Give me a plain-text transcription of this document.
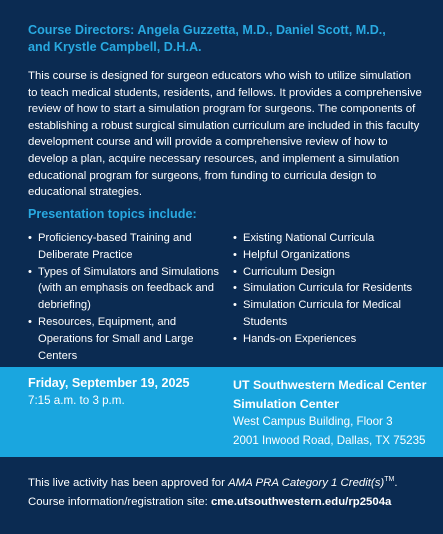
Course Directors: Angela Guzzetta, M.D., Daniel Scott, M.D.,
and Krystle Campbell, D.H.A.
This course is designed for surgeon educators who wish to utilize simulation to teach medical students, residents, and fellows. It provides a comprehensive review of how to start a simulation program for surgeons. The components of establishing a robust surgical simulation curriculum are included in this faculty development course and will provide a comprehensive review of how to develop a plan, acquire necessary resources, and implement a simulation educational program for surgeons, from funding to curricula design to educational strategies.
Presentation topics include:
• Proficiency-based Training and Deliberate Practice
• Types of Simulators and Simulations (with an emphasis on feedback and debriefing)
• Resources, Equipment, and Operations for Small and Large Centers
• Existing National Curricula
• Helpful Organizations
• Curriculum Design
• Simulation Curricula for Residents
• Simulation Curricula for Medical Students
• Hands-on Experiences
Friday, September 19, 2025
7:15 a.m. to 3 p.m.
UT Southwestern Medical Center
Simulation Center
West Campus Building, Floor 3
2001 Inwood Road, Dallas, TX 75235
This live activity has been approved for AMA PRA Category 1 Credit(s)™.
Course information/registration site: cme.utsouthwestern.edu/rp2504a
